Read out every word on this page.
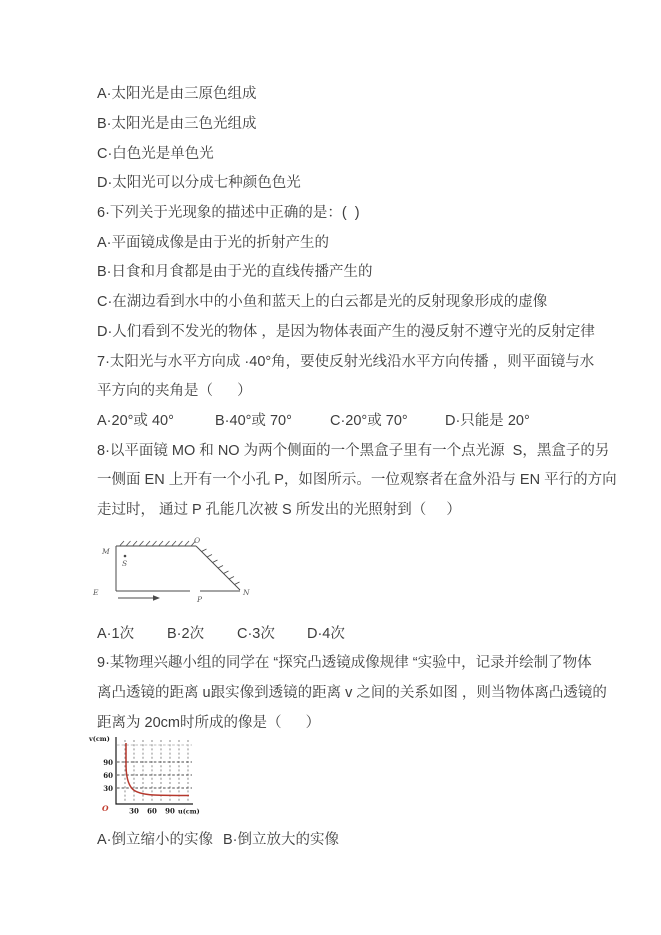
A·太阳光是由三原色组成
B·太阳光是由三色光组成
C·白色光是单色光
D·太阳光可以分成七种颜色色光
6·下列关于光现象的描述中正确的是：(  )
A·平面镜成像是由于光的折射产生的
B·日食和月食都是由于光的直线传播产生的
C·在湖边看到水中的小鱼和蓝天上的白云都是光的反射现象形成的虚像
D·人们看到不发光的物体 ，是因为物体表面产生的漫反射不遵守光的反射定律
7·太阳光与水平方向成 ·40°角，要使反射光线沿水平方向传播 ，则平面镜与水
平方向的夹角是（      ）
A·20°或 40°	B·40°或 70°	C·20°或 70°	D·只能是 20°
8·以平面镜 MO 和 NO 为两个侧面的一个黑盒子里有一个点光源  S，黑盒子的另
一侧面 EN 上开有一个小孔 P，如图所示。一位观察者在盒外沿与 EN 平行的方向
走过时， 通过 P 孔能几次被 S 所发出的光照射到（     ）
M
O
E	N
P
S
A·1次	B·2次	C·3次	D·4次
9·某物理兴趣小组的同学在 “探究凸透镜成像规律 “实验中，记录并绘制了物体
离凸透镜的距离 u跟实像到透镜的距离 v 之间的关系如图 ，则当物体离凸透镜的
距离为 20cm时所成的像是（      ）
v(cm)
u(cm)
90
60
30
30 60 90
O
A·倒立缩小的实像 B·倒立放大的实像
